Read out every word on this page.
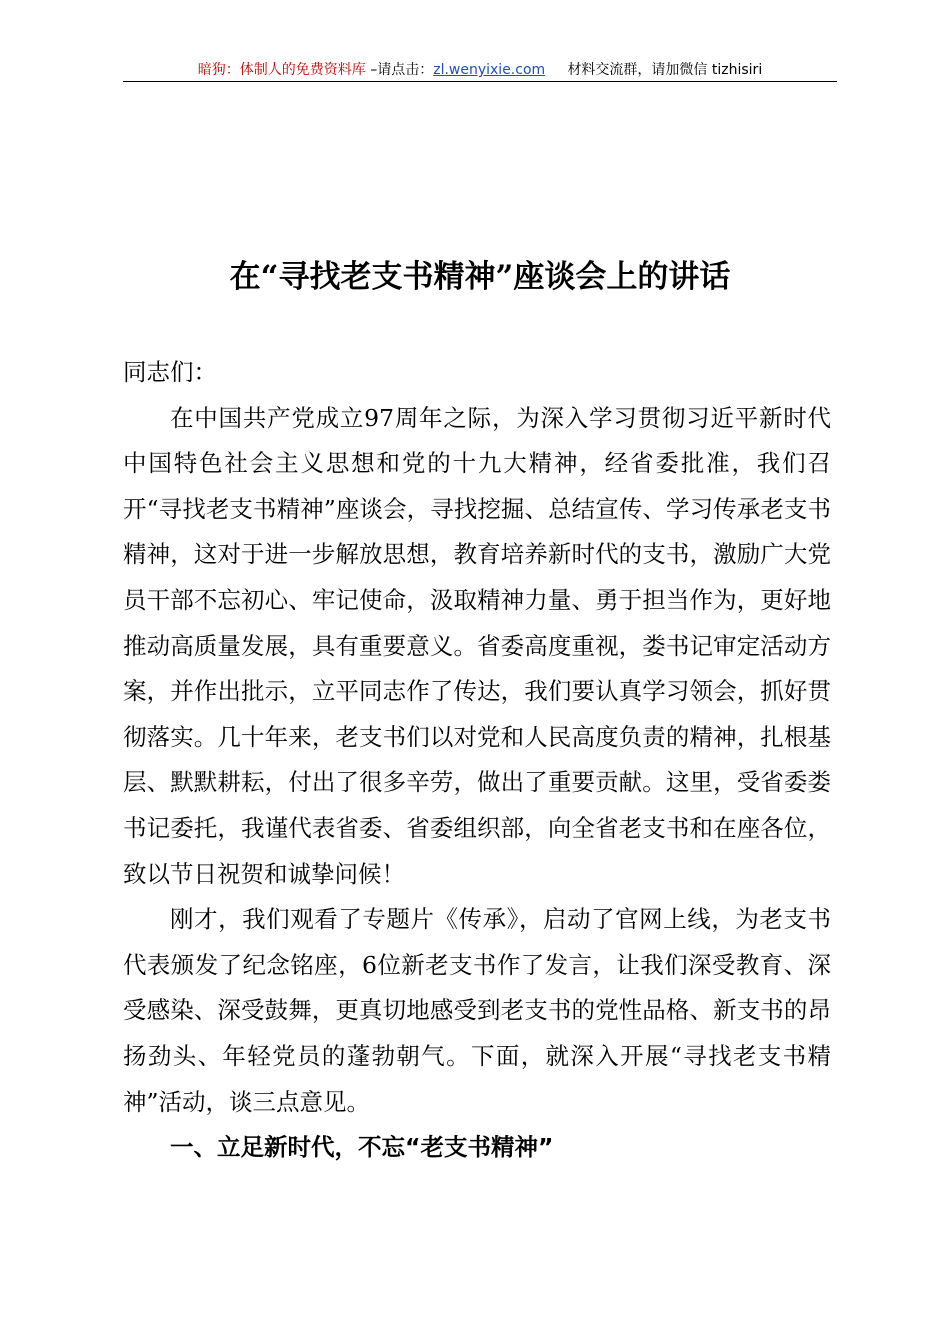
暗狗：体制人的免费资料库 –请点击：zl.wenyixie.com 材料交流群，请加微信 tizhisiri
在“寻找老支书精神”座谈会上的讲话

同志们：

在中国共产党成立97周年之际，为深入学习贯彻习近平新时代中国特色社会主义思想和党的十九大精神，经省委批准，我们召开“寻找老支书精神”座谈会，寻找挖掘、总结宣传、学习传承老支书精神，这对于进一步解放思想，教育培养新时代的支书，激励广大党员干部不忘初心、牢记使命，汲取精神力量、勇于担当作为，更好地推动高质量发展，具有重要意义。省委高度重视，娄书记审定活动方案，并作出批示，立平同志作了传达，我们要认真学习领会，抓好贯彻落实。几十年来，老支书们以对党和人民高度负责的精神，扎根基层、默默耕耘，付出了很多辛劳，做出了重要贡献。这里，受省委娄书记委托，我谨代表省委、省委组织部，向全省老支书和在座各位，致以节日祝贺和诚挚问候！

刚才，我们观看了专题片《传承》，启动了官网上线，为老支书代表颁发了纪念铭座，6位新老支书作了发言，让我们深受教育、深受感染、深受鼓舞，更真切地感受到老支书的党性品格、新支书的昂扬劲头、年轻党员的蓬勃朝气。下面，就深入开展“寻找老支书精神”活动，谈三点意见。

一、立足新时代，不忘“老支书精神”
